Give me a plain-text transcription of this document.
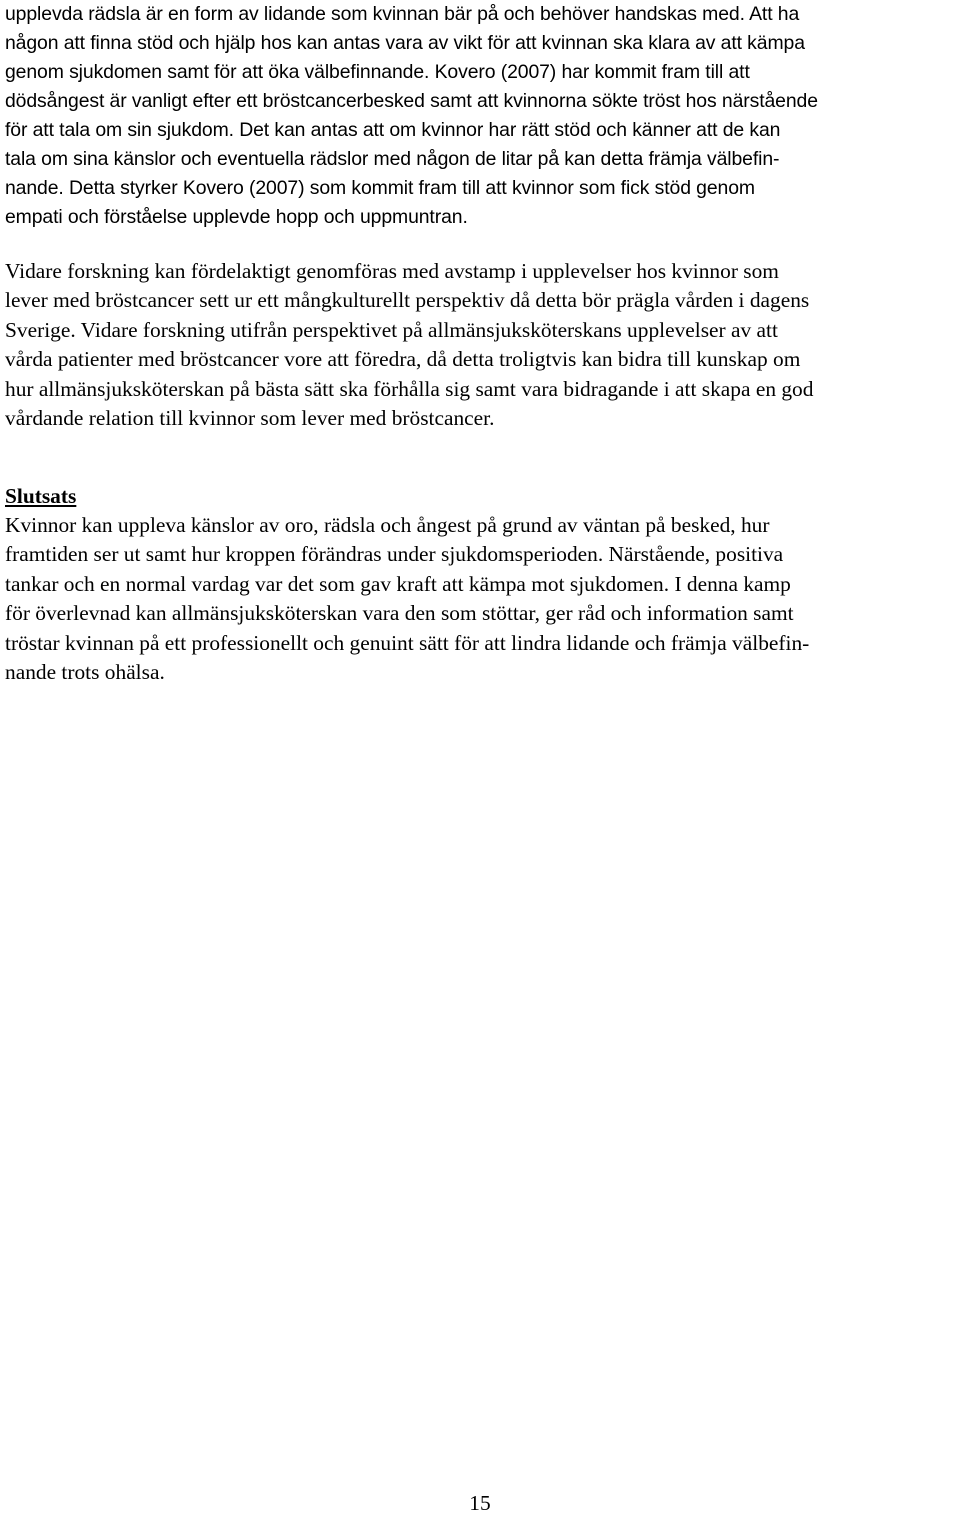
upplevda rädsla är en form av lidande som kvinnan bär på och behöver handskas med. Att ha
någon att finna stöd och hjälp hos kan antas vara av vikt för att kvinnan ska klara av att kämpa
genom sjukdomen samt för att öka välbefinnande. Kovero (2007) har kommit fram till att
dödsångest är vanligt efter ett bröstcancerbesked samt att kvinnorna sökte tröst hos närstående
för att tala om sin sjukdom. Det kan antas att om kvinnor har rätt stöd och känner att de kan
tala om sina känslor och eventuella rädslor med någon de litar på kan detta främja välbefin-
nande. Detta styrker Kovero (2007) som kommit fram till att kvinnor som fick stöd genom
empati och förståelse upplevde hopp och uppmuntran.

Vidare forskning kan fördelaktigt genomföras med avstamp i upplevelser hos kvinnor som
lever med bröstcancer sett ur ett mångkulturellt perspektiv då detta bör prägla vården i dagens
Sverige. Vidare forskning utifrån perspektivet på allmänsjuksköterskans upplevelser av att
vårda patienter med bröstcancer vore att föredra, då detta troligtvis kan bidra till kunskap om
hur allmänsjuksköterskan på bästa sätt ska förhålla sig samt vara bidragande i att skapa en god
vårdande relation till kvinnor som lever med bröstcancer.

Slutsats

Kvinnor kan uppleva känslor av oro, rädsla och ångest på grund av väntan på besked, hur
framtiden ser ut samt hur kroppen förändras under sjukdomsperioden. Närstående, positiva
tankar och en normal vardag var det som gav kraft att kämpa mot sjukdomen. I denna kamp
för överlevnad kan allmänsjuksköterskan vara den som stöttar, ger råd och information samt
tröstar kvinnan på ett professionellt och genuint sätt för att lindra lidande och främja välbefin-
nande trots ohälsa.

15
